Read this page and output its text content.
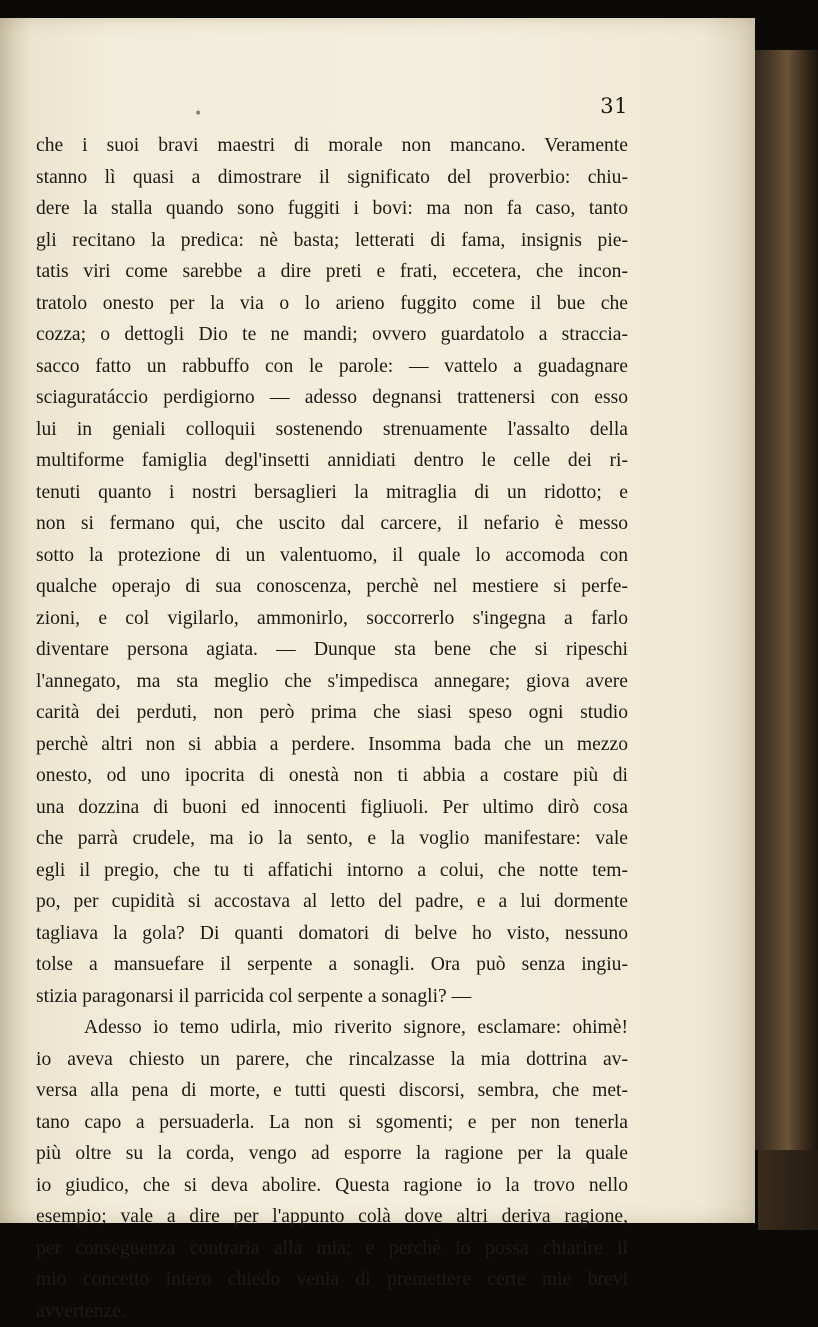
•	31
che i suoi bravi maestri di morale non mancano. Veramente
stanno lì quasi a dimostrare il significato del proverbio: chiu-
dere la stalla quando sono fuggiti i bovi: ma non fa caso, tanto
gli recitano la predica: nè basta; letterati di fama, insignis pie-
tatis viri come sarebbe a dire preti e frati, eccetera, che incon-
tratolo onesto per la via o lo arieno fuggito come il bue che
cozza; o dettogli Dio te ne mandi; ovvero guardatolo a straccia-
sacco fatto un rabbuffo con le parole: — vattelo a guadagnare
sciaguratáccio perdigiorno — adesso degnansi trattenersi con esso
lui in geniali colloquii sostenendo strenuamente l'assalto della
multiforme famiglia degl'insetti annidiati dentro le celle dei ri-
tenuti quanto i nostri bersaglieri la mitraglia di un ridotto; e
non si fermano qui, che uscito dal carcere, il nefario è messo
sotto la protezione di un valentuomo, il quale lo accomoda con
qualche operajo di sua conoscenza, perchè nel mestiere si perfe-
zioni, e col vigilarlo, ammonirlo, soccorrerlo s'ingegna a farlo
diventare persona agiata. — Dunque sta bene che si ripeschi
l'annegato, ma sta meglio che s'impedisca annegare; giova avere
carità dei perduti, non però prima che siasi speso ogni studio
perchè altri non si abbia a perdere. Insomma bada che un mezzo
onesto, od uno ipocrita di onestà non ti abbia a costare più di
una dozzina di buoni ed innocenti figliuoli. Per ultimo dirò cosa
che parrà crudele, ma io la sento, e la voglio manifestare: vale
egli il pregio, che tu ti affatichi intorno a colui, che notte tem-
po, per cupidità si accostava al letto del padre, e a lui dormente
tagliava la gola? Di quanti domatori di belve ho visto, nessuno
tolse a mansuefare il serpente a sonagli. Ora può senza ingiu-
stizia paragonarsi il parricida col serpente a sonagli? —
Adesso io temo udirla, mio riverito signore, esclamare: ohimè!
io aveva chiesto un parere, che rincalzasse la mia dottrina av-
versa alla pena di morte, e tutti questi discorsi, sembra, che met-
tano capo a persuaderla. La non si sgomenti; e per non tenerla
più oltre su la corda, vengo ad esporre la ragione per la quale
io giudico, che si deva abolire. Questa ragione io la trovo nello
esempio; vale a dire per l'appunto colà dove altri deriva ragione,
per conseguenza contraria alla mia; e perchè io possa chiarire il
mio concetto intero chiedo venia di premettere certe mie brevi
avvertenze.
